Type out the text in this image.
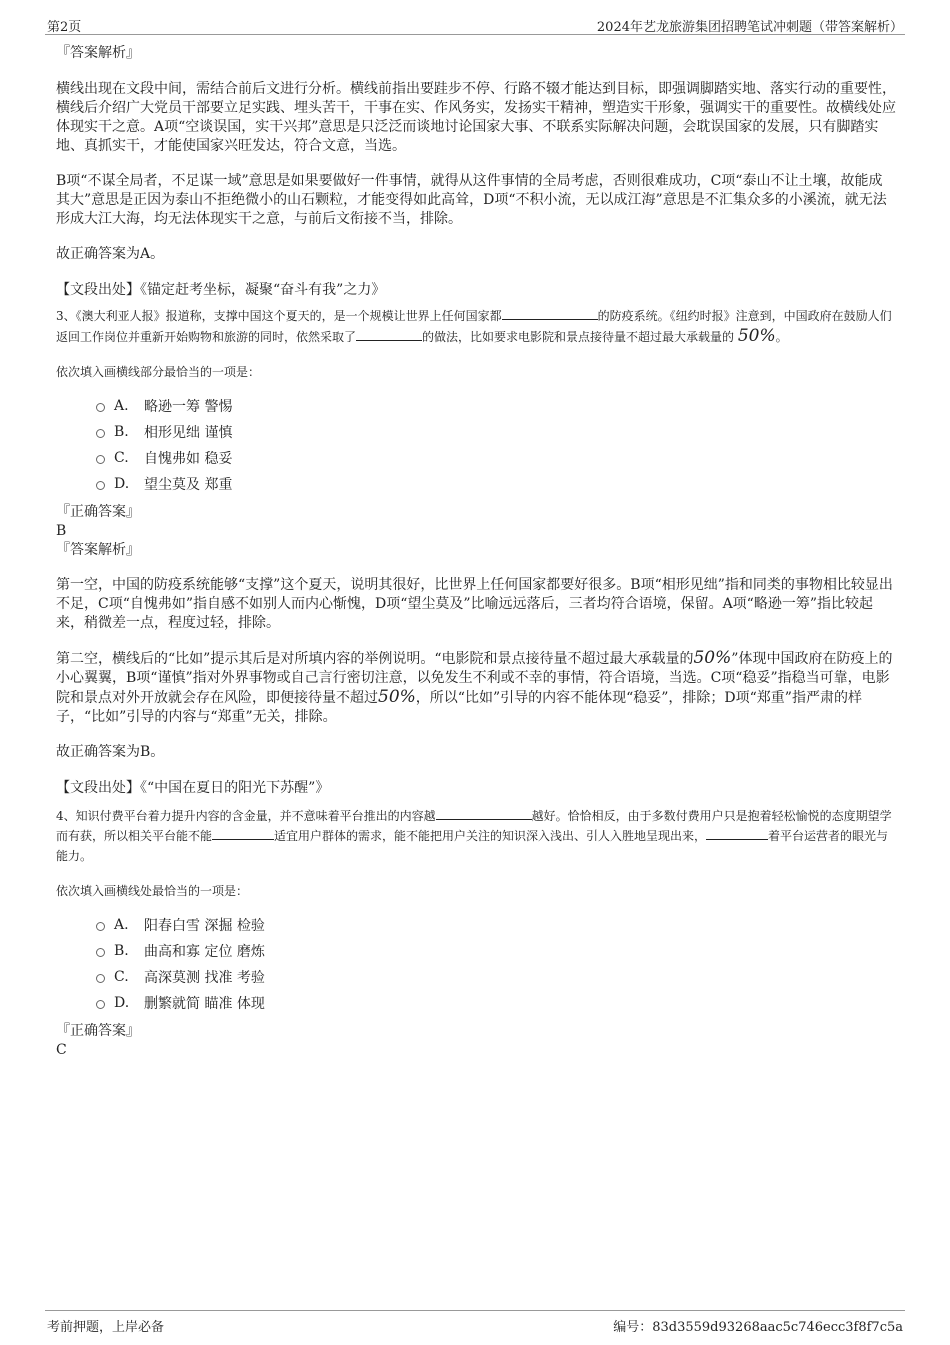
第2页	2024年艺龙旅游集团招聘笔试冲刺题（带答案解析）
『答案解析』

横线出现在文段中间，需结合前后文进行分析。横线前指出要跬步不停、行路不辍才能达到目标，即强调脚踏实地、落实行动的重要性，横线后介绍广大党员干部要立足实践、埋头苦干，干事在实、作风务实，发扬实干精神，塑造实干形象，强调实干的重要性。故横线处应体现实干之意。A项“空谈误国，实干兴邦”意思是只泛泛而谈地讨论国家大事、不联系实际解决问题，会耽误国家的发展，只有脚踏实地、真抓实干，才能使国家兴旺发达，符合文意，当选。

B项“不谋全局者，不足谋一域”意思是如果要做好一件事情，就得从这件事情的全局考虑，否则很难成功，C项“泰山不让土壤，故能成其大”意思是正因为泰山不拒绝微小的山石颗粒，才能变得如此高耸，D项“不积小流，无以成江海”意思是不汇集众多的小溪流，就无法形成大江大海，均无法体现实干之意，与前后文衔接不当，排除。

故正确答案为A。
【文段出处】《锚定赶考坐标，凝聚“奋斗有我”之力》

3、《澳大利亚人报》报道称，支撑中国这个夏天的，是一个规模让世界上任何国家都	的防疫系统。《纽约时报》注意到，中国政府在鼓励人们返回工作岗位并重新开始购物和旅游的同时，依然采取了	的做法，比如要求电影院和景点接待量不超过最大承载量的 50%。

依次填入画横线部分最恰当的一项是：

A.	略逊一筹 警惕
B.	相形见绌 谨慎
C.	自愧弗如 稳妥
D.	望尘莫及 郑重
『正确答案』
B
『答案解析』

第一空，中国的防疫系统能够“支撑”这个夏天，说明其很好，比世界上任何国家都要好很多。B项“相形见绌”指和同类的事物相比较显出不足，C项“自愧弗如”指自感不如别人而内心惭愧，D项“望尘莫及”比喻远远落后，三者均符合语境，保留。A项“略逊一筹”指比较起来，稍微差一点，程度过轻，排除。

第二空，横线后的“比如”提示其后是对所填内容的举例说明。“电影院和景点接待量不超过最大承载量的50%”体现中国政府在防疫上的小心翼翼，B项“谨慎”指对外界事物或自己言行密切注意，以免发生不利或不幸的事情，符合语境，当选。C项“稳妥”指稳当可靠，电影院和景点对外开放就会存在风险，即便接待量不超过50%，所以“比如”引导的内容不能体现“稳妥”，排除；D项“郑重”指严肃的样子，“比如”引导的内容与“郑重”无关，排除。

故正确答案为B。
【文段出处】《“中国在夏日的阳光下苏醒”》

4、知识付费平台着力提升内容的含金量，并不意味着平台推出的内容越	越好。恰恰相反，由于多数付费用户只是抱着轻松愉悦的态度期望学而有获，所以相关平台能不能	适宜用户群体的需求，能不能把用户关注的知识深入浅出、引人入胜地呈现出来，	着平台运营者的眼光与能力。

依次填入画横线处最恰当的一项是：

A.	阳春白雪 深掘 检验
B.	曲高和寡 定位 磨炼
C.	高深莫测 找准 考验
D.	删繁就简 瞄准 体现
『正确答案』
C
考前押题，上岸必备	编号：83d3559d93268aac5c746ecc3f8f7c5a
